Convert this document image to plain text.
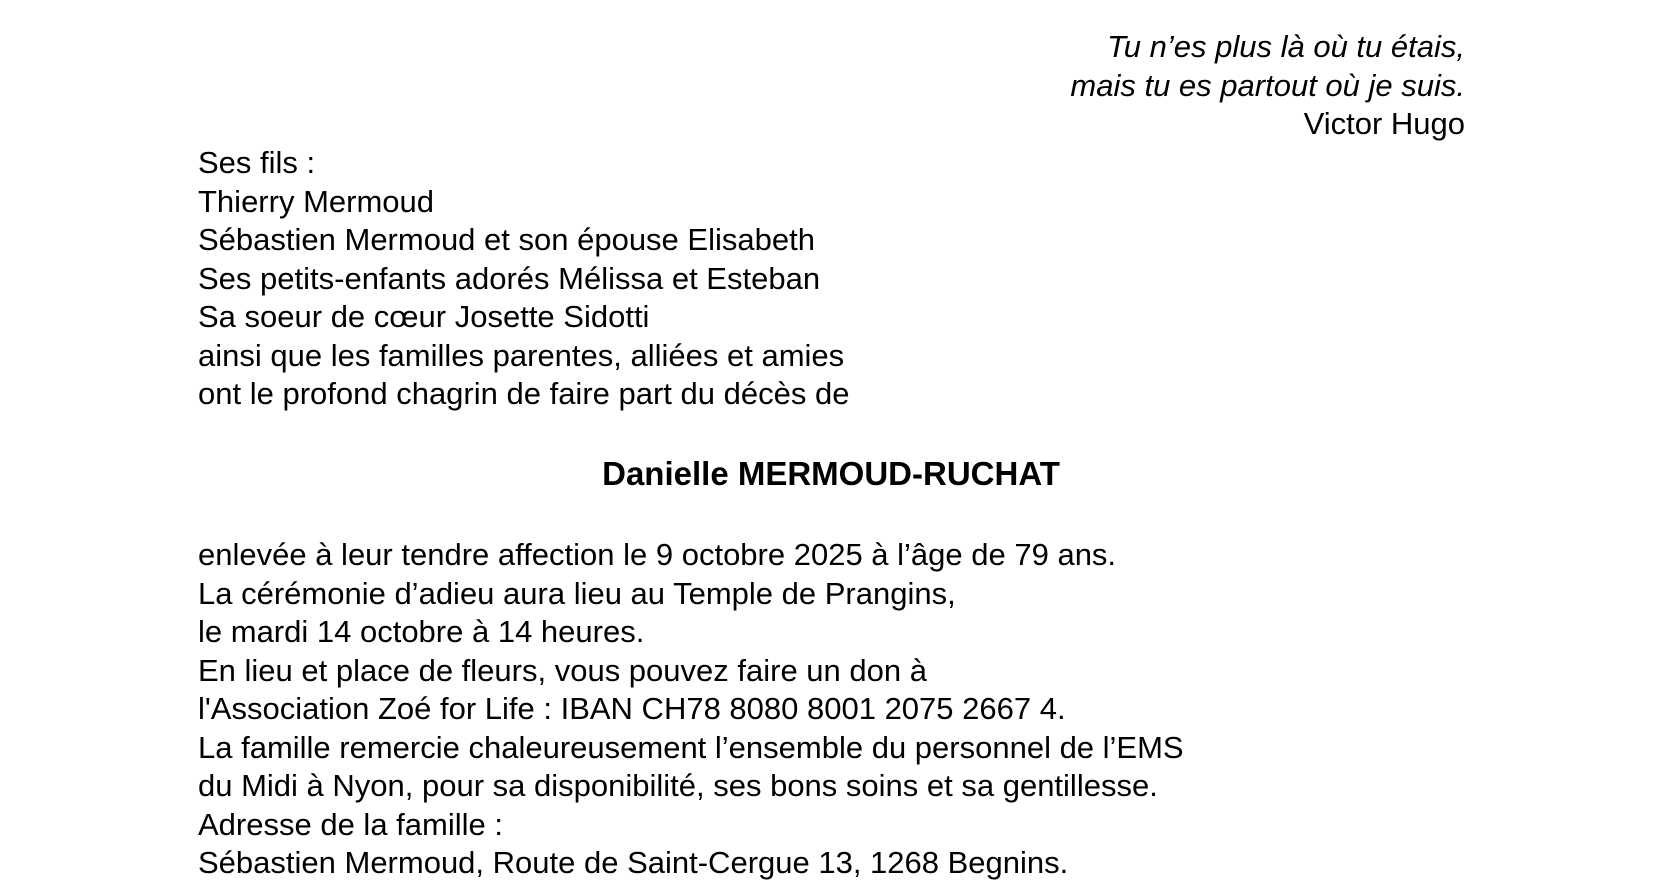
Tu n’es plus là où tu étais,
mais tu es partout où je suis.
Victor Hugo
Ses fils :
Thierry Mermoud
Sébastien Mermoud et son épouse Elisabeth
Ses petits-enfants adorés Mélissa et Esteban
Sa soeur de cœur Josette Sidotti
ainsi que les familles parentes, alliées et amies
ont le profond chagrin de faire part du décès de
Danielle MERMOUD-RUCHAT
enlevée à leur tendre affection le 9 octobre 2025 à l’âge de 79 ans.
La cérémonie d’adieu aura lieu au Temple de Prangins,
le mardi 14 octobre à 14 heures.
En lieu et place de fleurs, vous pouvez faire un don à
l'Association Zoé for Life : IBAN CH78 8080 8001 2075 2667 4.
La famille remercie chaleureusement l’ensemble du personnel de l’EMS
du Midi à Nyon, pour sa disponibilité, ses bons soins et sa gentillesse.
Adresse de la famille :
Sébastien Mermoud, Route de Saint-Cergue 13, 1268 Begnins.
